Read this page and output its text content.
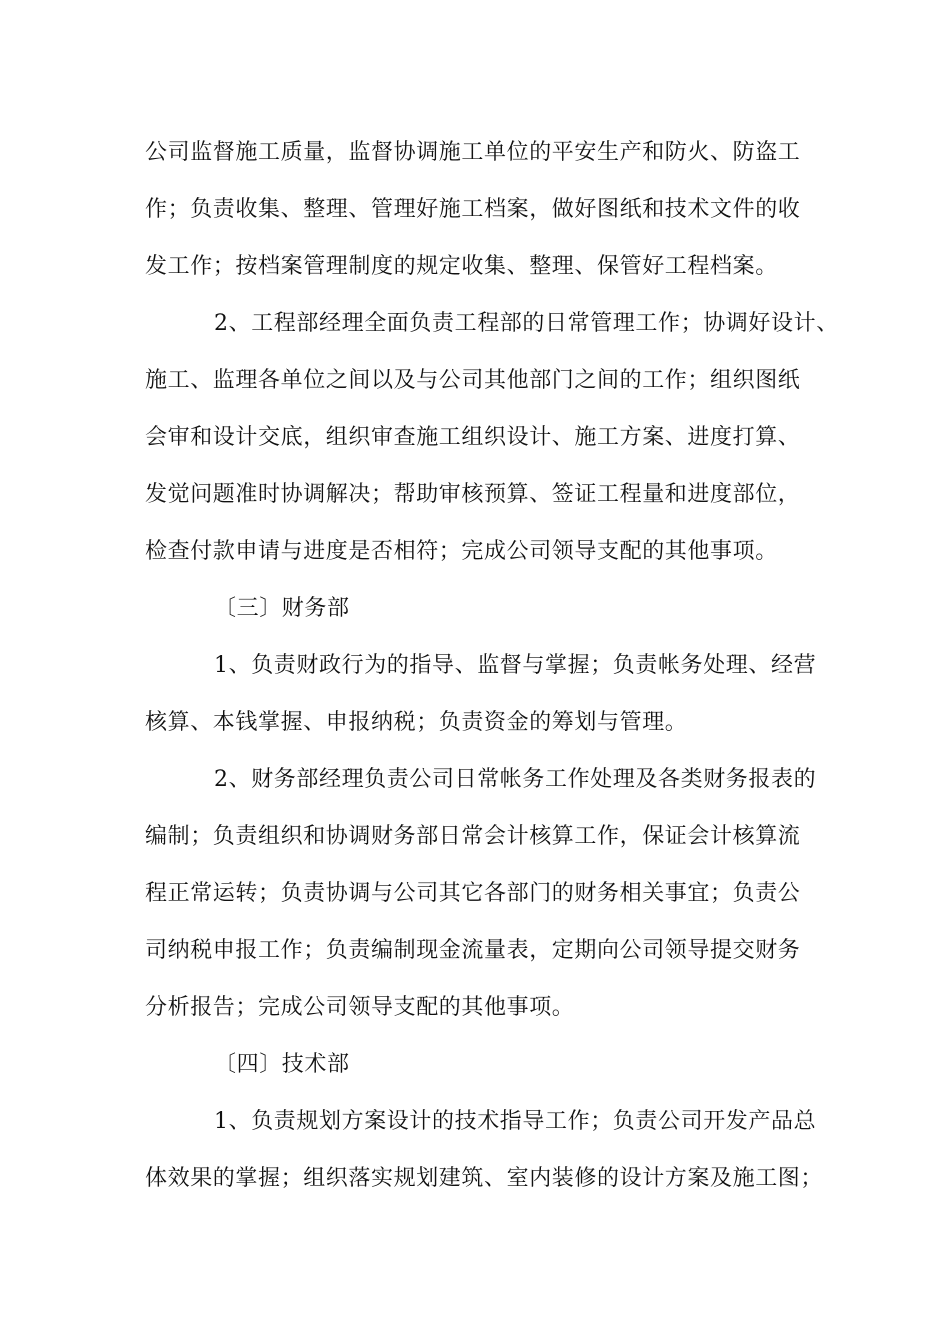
公司监督施工质量，监督协调施工单位的平安生产和防火、防盗工
作；负责收集、整理、管理好施工档案，做好图纸和技术文件的收
发工作；按档案管理制度的规定收集、整理、保管好工程档案。
2、工程部经理全面负责工程部的日常管理工作；协调好设计、
施工、监理各单位之间以及与公司其他部门之间的工作；组织图纸
会审和设计交底，组织审查施工组织设计、施工方案、进度打算、
发觉问题准时协调解决；帮助审核预算、签证工程量和进度部位，
检查付款申请与进度是否相符；完成公司领导支配的其他事项。
〔三〕财务部
1、负责财政行为的指导、监督与掌握；负责帐务处理、经营
核算、本钱掌握、申报纳税；负责资金的筹划与管理。
2、财务部经理负责公司日常帐务工作处理及各类财务报表的
编制；负责组织和协调财务部日常会计核算工作，保证会计核算流
程正常运转；负责协调与公司其它各部门的财务相关事宜；负责公
司纳税申报工作；负责编制现金流量表，定期向公司领导提交财务
分析报告；完成公司领导支配的其他事项。
〔四〕技术部
1、负责规划方案设计的技术指导工作；负责公司开发产品总
体效果的掌握；组织落实规划建筑、室内装修的设计方案及施工图；
